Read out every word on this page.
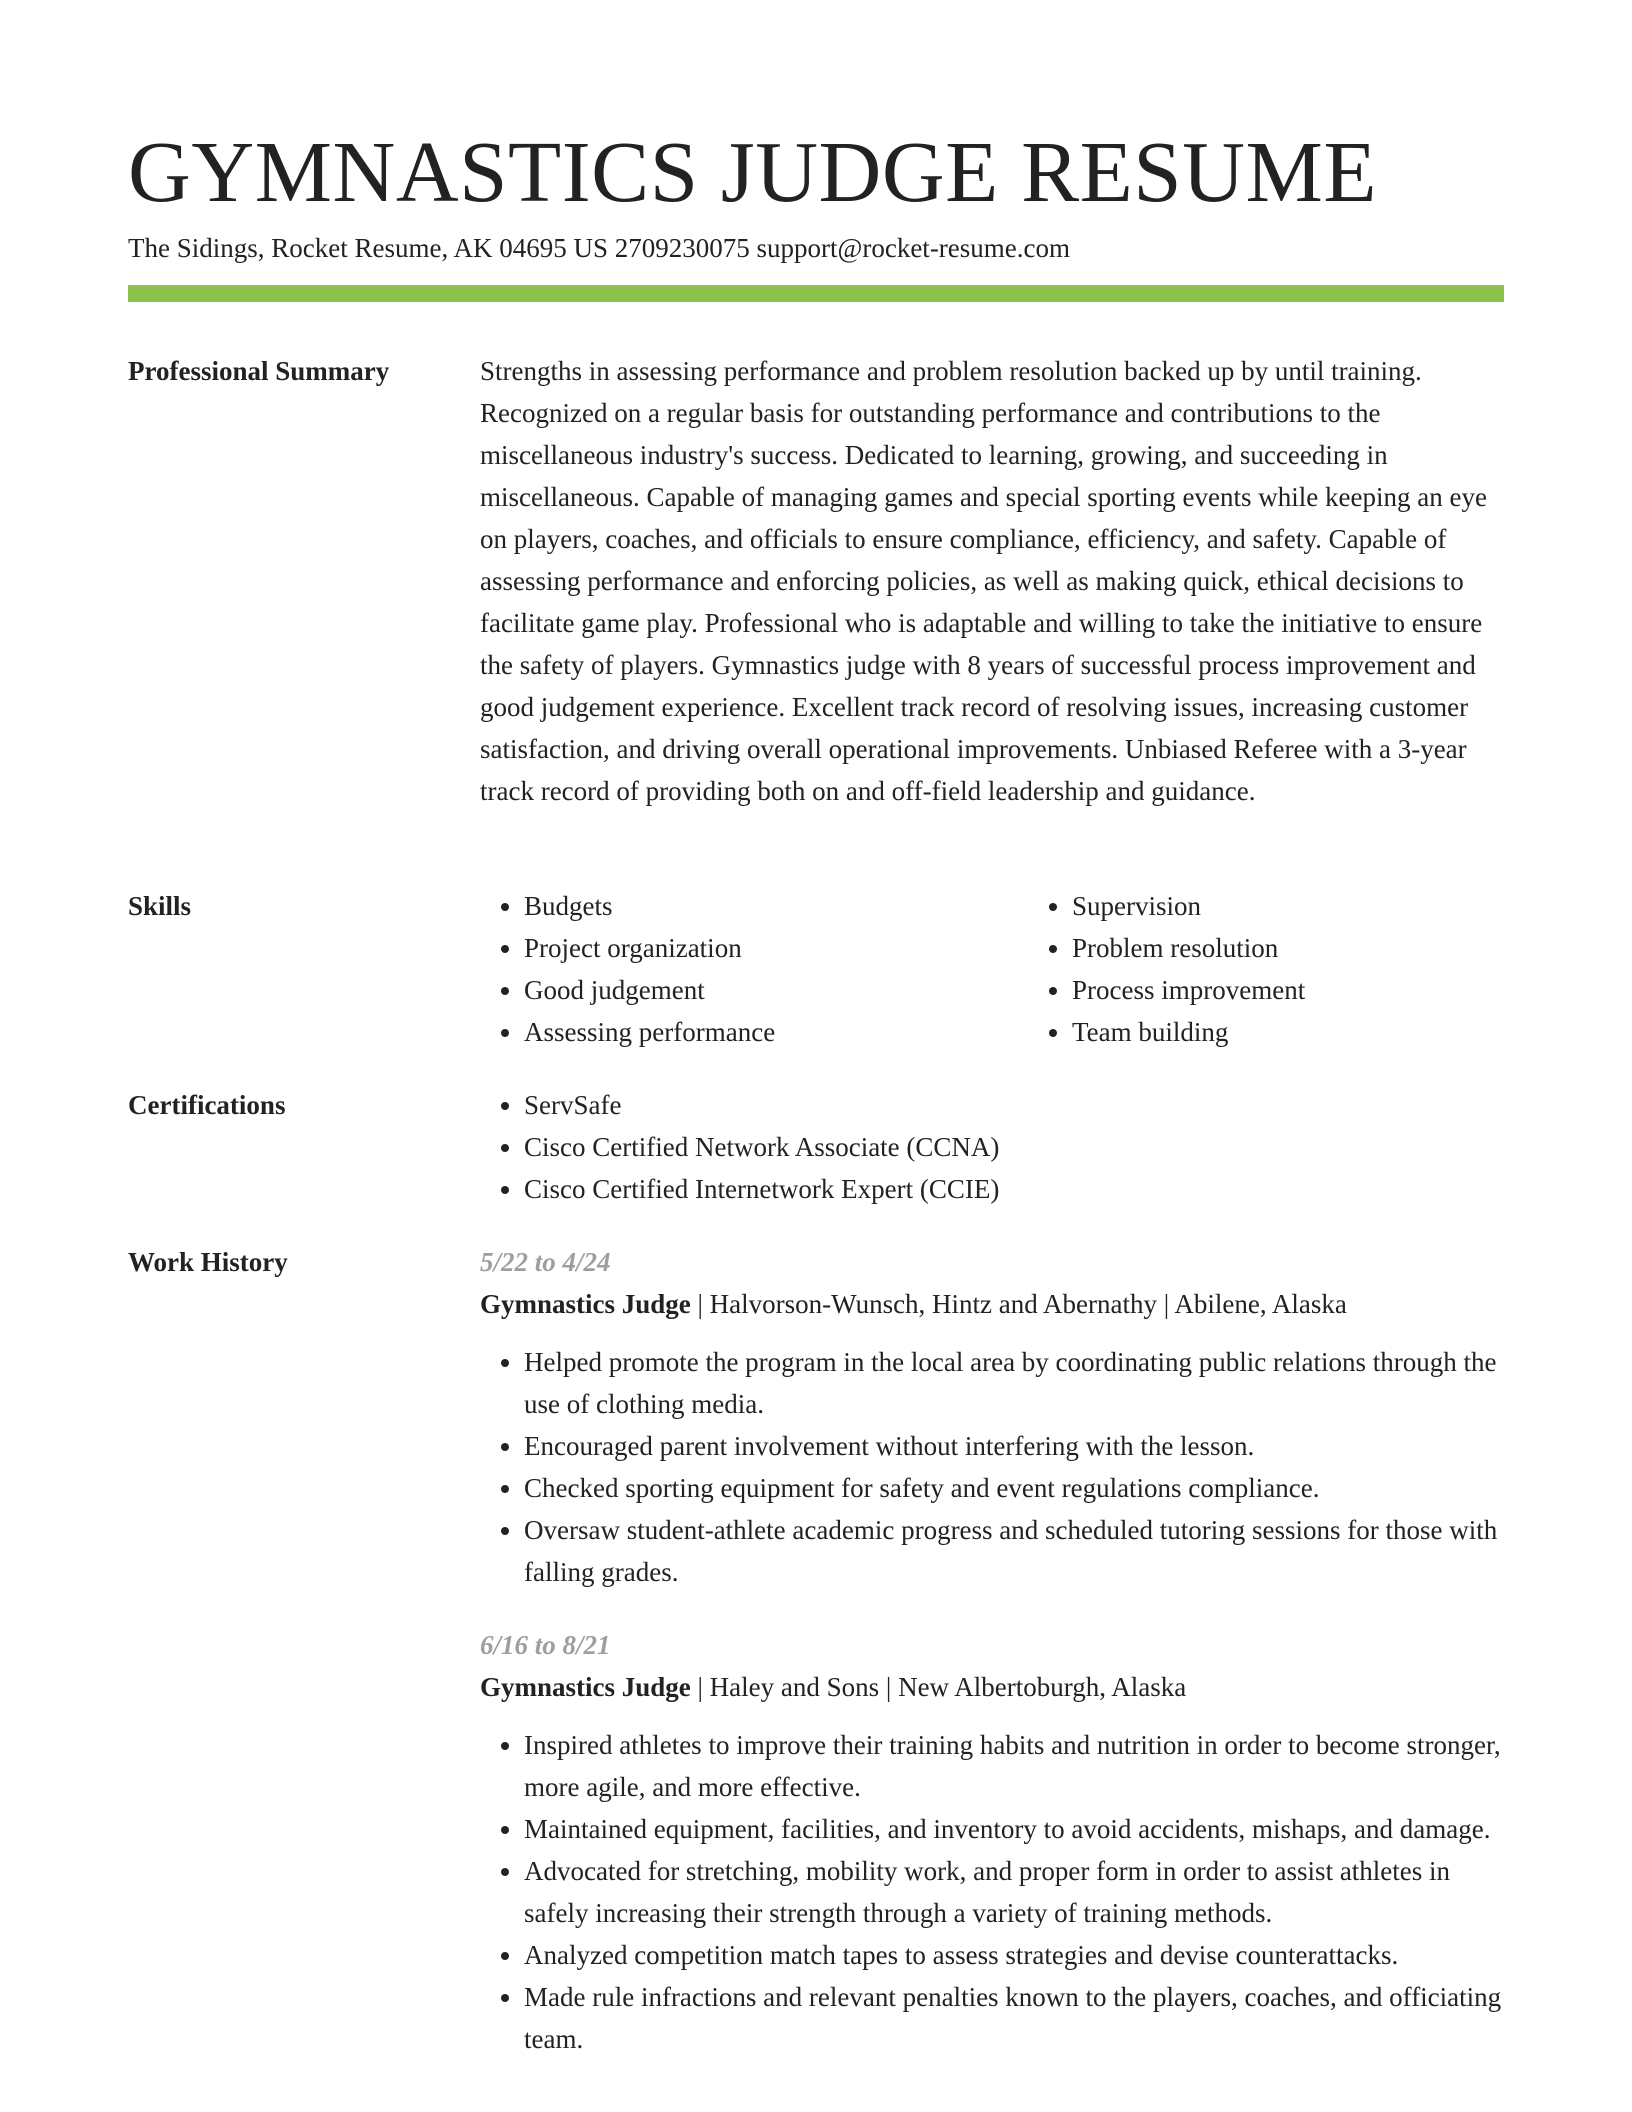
GYMNASTICS JUDGE RESUME
The Sidings, Rocket Resume, AK 04695 US 2709230075 support@rocket-resume.com
Professional Summary	Strengths in assessing performance and problem resolution backed up by until training. Recognized on a regular basis for outstanding performance and contributions to the miscellaneous industry's success. Dedicated to learning, growing, and succeeding in miscellaneous. Capable of managing games and special sporting events while keeping an eye on players, coaches, and officials to ensure compliance, efficiency, and safety. Capable of assessing performance and enforcing policies, as well as making quick, ethical decisions to facilitate game play. Professional who is adaptable and willing to take the initiative to ensure the safety of players. Gymnastics judge with 8 years of successful process improvement and good judgement experience. Excellent track record of resolving issues, increasing customer satisfaction, and driving overall operational improvements. Unbiased Referee with a 3-year track record of providing both on and off-field leadership and guidance.

Skills	• Budgets
• Project organization
• Good judgement
• Assessing performance
• Supervision
• Problem resolution
• Process improvement
• Team building
Certifications	• ServSafe
• Cisco Certified Network Associate (CCNA)
• Cisco Certified Internetwork Expert (CCIE)
Work History	5/22 to 4/24
Gymnastics Judge | Halvorson-Wunsch, Hintz and Abernathy | Abilene, Alaska
• Helped promote the program in the local area by coordinating public relations through the use of clothing media.
• Encouraged parent involvement without interfering with the lesson.
• Checked sporting equipment for safety and event regulations compliance.
• Oversaw student-athlete academic progress and scheduled tutoring sessions for those with falling grades.
6/16 to 8/21
Gymnastics Judge | Haley and Sons | New Albertoburgh, Alaska
• Inspired athletes to improve their training habits and nutrition in order to become stronger, more agile, and more effective.
• Maintained equipment, facilities, and inventory to avoid accidents, mishaps, and damage.
• Advocated for stretching, mobility work, and proper form in order to assist athletes in safely increasing their strength through a variety of training methods.
• Analyzed competition match tapes to assess strategies and devise counterattacks.
• Made rule infractions and relevant penalties known to the players, coaches, and officiating team.
